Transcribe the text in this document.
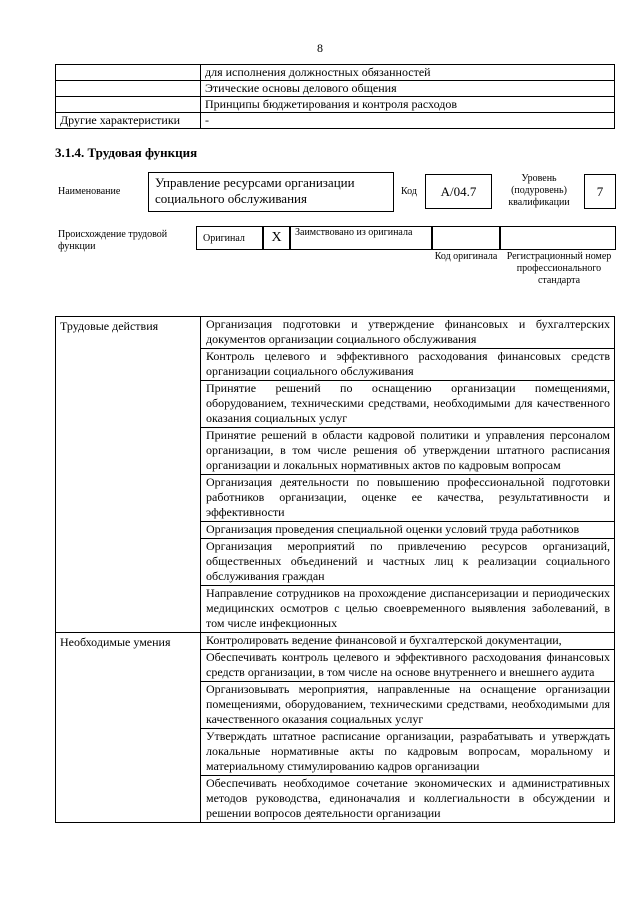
8
	для исполнения должностных обязанностей
	Этические основы делового общения
	Принципы бюджетирования и контроля расходов
Другие характеристики	-
3.1.4. Трудовая функция
Наименование
Управление ресурсами организации социального обслуживания	Код	A/04.7
Уровень (подуровень) квалификации
7
Происхождение трудовой функции
Оригинал	X	Заимствовано из оригинала
Код оригинала Регистрационный номер профессионального стандарта
Трудовые действия	Организация подготовки и утверждение финансовых и бухгалтерских документов организации социального обслуживания
	Контроль целевого и эффективного расходования финансовых средств организации социального обслуживания
	Принятие решений по оснащению организации помещениями, оборудованием, техническими средствами, необходимыми для качественного оказания социальных услуг
	Принятие решений в области кадровой политики и управления персоналом организации, в том числе решения об утверждении штатного расписания организации и локальных нормативных актов по кадровым вопросам
	Организация деятельности по повышению профессиональной подготовки работников организации, оценке ее качества, результативности и эффективности
	Организация проведения специальной оценки условий труда работников
	Организация мероприятий по привлечению ресурсов организаций, общественных объединений и частных лиц к реализации социального обслуживания граждан
	Направление сотрудников на прохождение диспансеризации и периодических медицинских осмотров с целью своевременного выявления заболеваний, в том числе инфекционных
Необходимые умения	Контролировать ведение финансовой и бухгалтерской документации,
	Обеспечивать контроль целевого и эффективного расходования финансовых средств организации, в том числе на основе внутреннего и внешнего аудита
	Организовывать мероприятия, направленные на оснащение организации помещениями, оборудованием, техническими средствами, необходимыми для качественного оказания социальных услуг
	Утверждать штатное расписание организации, разрабатывать и утверждать локальные нормативные акты по кадровым вопросам, моральному и материальному стимулированию кадров организации
	Обеспечивать необходимое сочетание экономических и административных методов руководства, единоначалия и коллегиальности в обсуждении и решении вопросов деятельности организации
